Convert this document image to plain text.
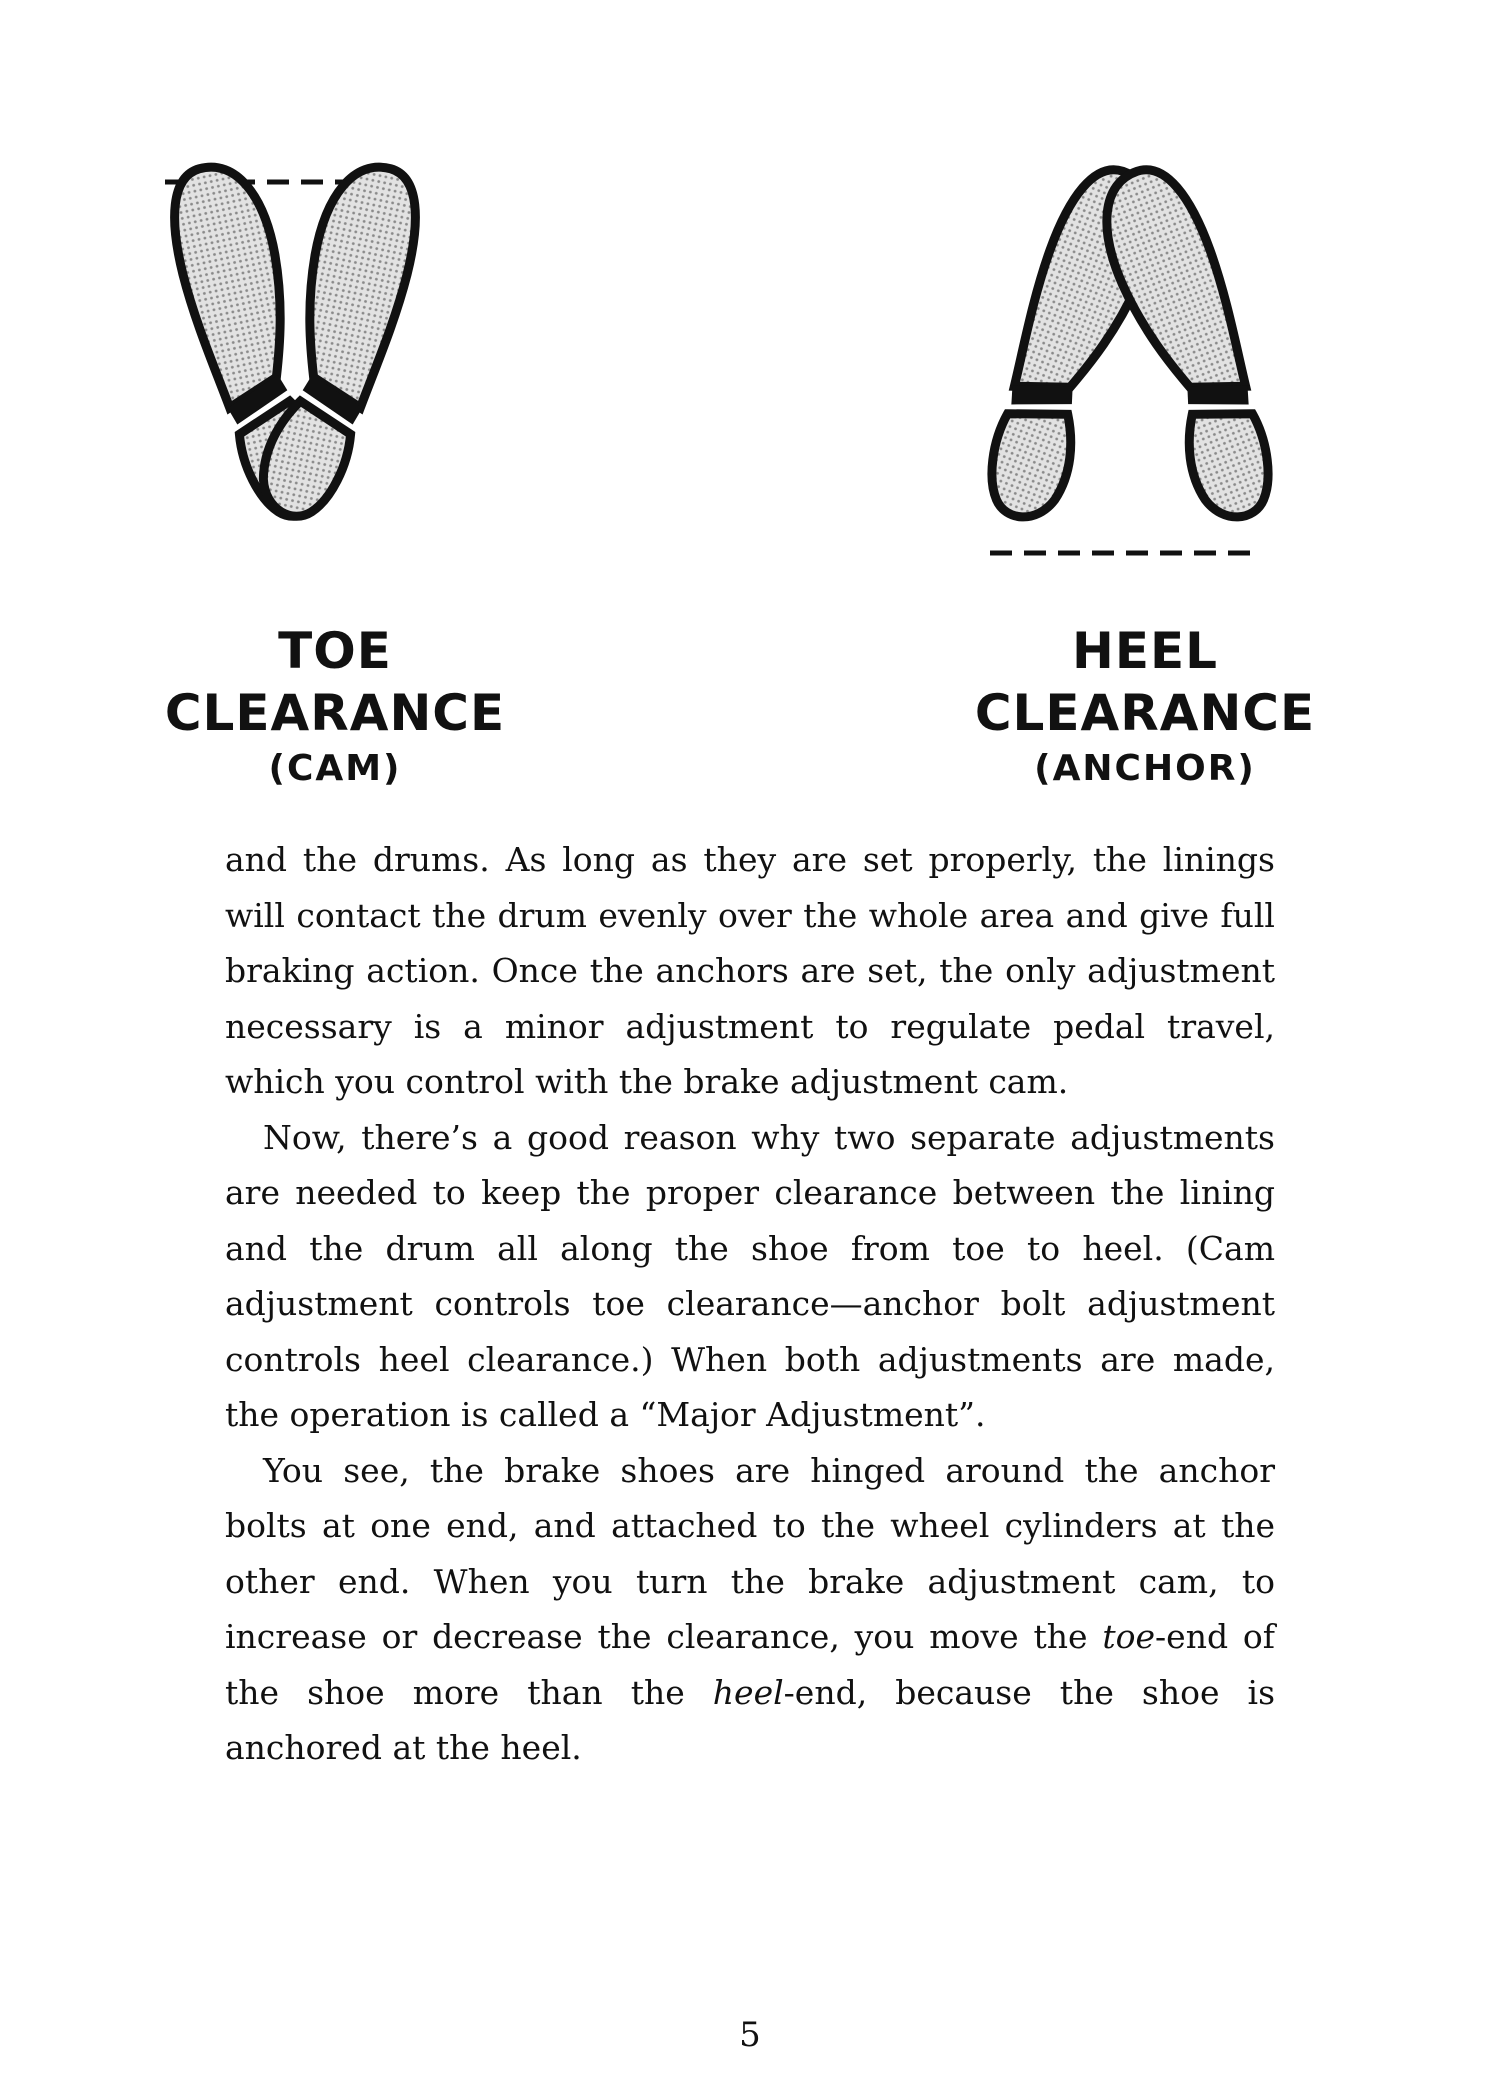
TOE CLEARANCE
(CAM)
HEEL CLEARANCE
(ANCHOR)

and the drums. As long as they are set properly, the linings will contact the drum evenly over the whole area and give full braking action. Once the anchors are set, the only adjustment necessary is a minor adjustment to regulate pedal travel, which you control with the brake adjustment cam.

Now, there’s a good reason why two separate adjustments are needed to keep the proper clearance between the lining and the drum all along the shoe from toe to heel. (Cam adjustment controls toe clearance—anchor bolt adjustment controls heel clearance.) When both adjustments are made, the operation is called a “Major Adjustment”.

You see, the brake shoes are hinged around the anchor bolts at one end, and attached to the wheel cylinders at the other end. When you turn the brake adjustment cam, to increase or decrease the clearance, you move the toe-end of the shoe more than the heel-end, because the shoe is anchored at the heel.

5
